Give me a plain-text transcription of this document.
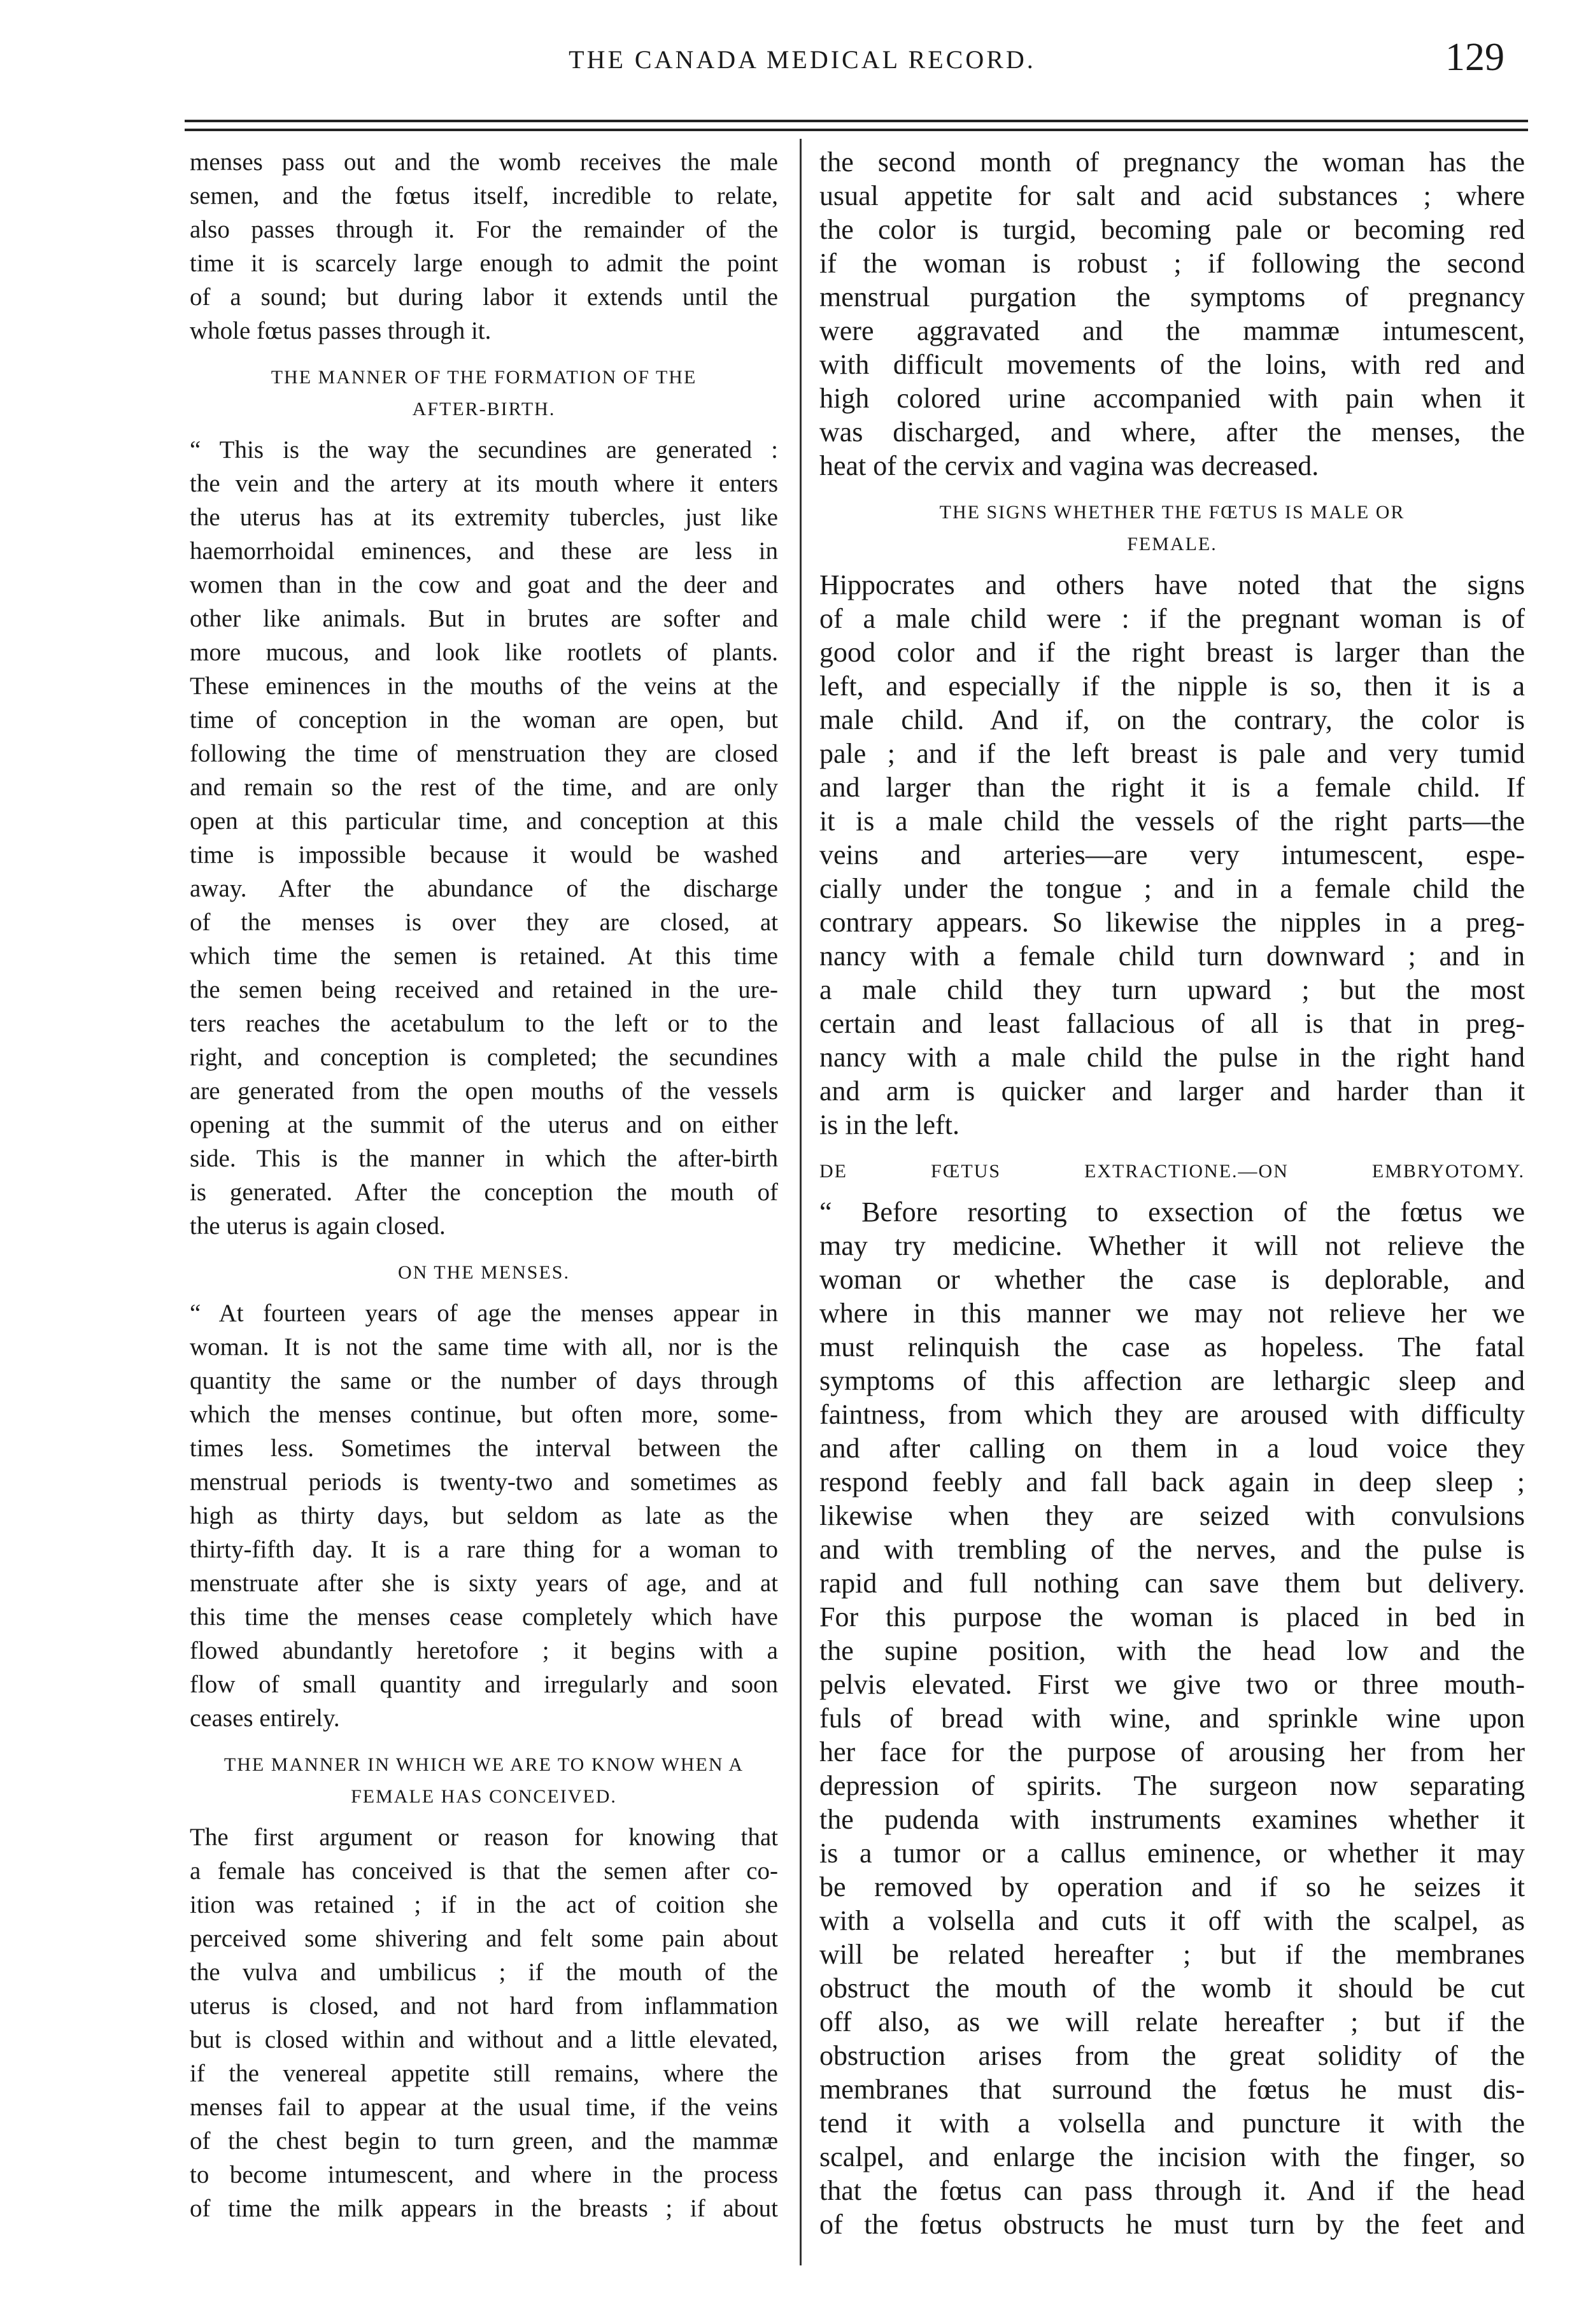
THE CANADA MEDICAL RECORD.	129
menses pass out and the womb receives the male
semen, and the fœtus itself, incredible to relate,
also passes through it. For the remainder of the
time it is scarcely large enough to admit the point
of a sound; but during labor it extends until the
whole fœtus passes through it.
THE MANNER OF THE FORMATION OF THE
AFTER-BIRTH.
“ This is the way the secundines are generated :
the vein and the artery at its mouth where it enters
the uterus has at its extremity tubercles, just like
haemorrhoidal eminences, and these are less in
women than in the cow and goat and the deer and
other like animals. But in brutes are softer and
more mucous, and look like rootlets of plants.
These eminences in the mouths of the veins at the
time of conception in the woman are open, but
following the time of menstruation they are closed
and remain so the rest of the time, and are only
open at this particular time, and conception at this
time is impossible because it would be washed
away. After the abundance of the discharge
of the menses is over they are closed, at
which time the semen is retained. At this time
the semen being received and retained in the ure-
ters reaches the acetabulum to the left or to the
right, and conception is completed; the secundines
are generated from the open mouths of the vessels
opening at the summit of the uterus and on either
side. This is the manner in which the after-birth
is generated. After the conception the mouth of
the uterus is again closed.
ON THE MENSES.
“ At fourteen years of age the menses appear in
woman. It is not the same time with all, nor is the
quantity the same or the number of days through
which the menses continue, but often more, some-
times less. Sometimes the interval between the
menstrual periods is twenty-two and sometimes as
high as thirty days, but seldom as late as the
thirty-fifth day. It is a rare thing for a woman to
menstruate after she is sixty years of age, and at
this time the menses cease completely which have
flowed abundantly heretofore ; it begins with a
flow of small quantity and irregularly and soon
ceases entirely.
THE MANNER IN WHICH WE ARE TO KNOW WHEN A
FEMALE HAS CONCEIVED.
The first argument or reason for knowing that
a female has conceived is that the semen after co-
ition was retained ; if in the act of coition she
perceived some shivering and felt some pain about
the vulva and umbilicus ; if the mouth of the
uterus is closed, and not hard from inflammation
but is closed within and without and a little elevated,
if the venereal appetite still remains, where the
menses fail to appear at the usual time, if the veins
of the chest begin to turn green, and the mammæ
to become intumescent, and where in the process
of time the milk appears in the breasts ; if about
the second month of pregnancy the woman has the
usual appetite for salt and acid substances ; where
the color is turgid, becoming pale or becoming red
if the woman is robust ; if following the second
menstrual purgation the symptoms of pregnancy
were aggravated and the mammæ intumescent,
with difficult movements of the loins, with red and
high colored urine accompanied with pain when it
was discharged, and where, after the menses, the
heat of the cervix and vagina was decreased.
THE SIGNS WHETHER THE FŒTUS IS MALE OR
FEMALE.
Hippocrates and others have noted that the signs
of a male child were : if the pregnant woman is of
good color and if the right breast is larger than the
left, and especially if the nipple is so, then it is a
male child. And if, on the contrary, the color is
pale ; and if the left breast is pale and very tumid
and larger than the right it is a female child. If
it is a male child the vessels of the right parts—the
veins and arteries—are very intumescent, espe-
cially under the tongue ; and in a female child the
contrary appears. So likewise the nipples in a preg-
nancy with a female child turn downward ; and in
a male child they turn upward ; but the most
certain and least fallacious of all is that in preg-
nancy with a male child the pulse in the right hand
and arm is quicker and larger and harder than it
is in the left.
DE FŒTUS EXTRACTIONE.—ON EMBRYOTOMY.
“ Before resorting to exsection of the fœtus we
may try medicine. Whether it will not relieve the
woman or whether the case is deplorable, and
where in this manner we may not relieve her we
must relinquish the case as hopeless. The fatal
symptoms of this affection are lethargic sleep and
faintness, from which they are aroused with difficulty
and after calling on them in a loud voice they
respond feebly and fall back again in deep sleep ;
likewise when they are seized with convulsions
and with trembling of the nerves, and the pulse is
rapid and full nothing can save them but delivery.
For this purpose the woman is placed in bed in
the supine position, with the head low and the
pelvis elevated. First we give two or three mouth-
fuls of bread with wine, and sprinkle wine upon
her face for the purpose of arousing her from her
depression of spirits. The surgeon now separating
the pudenda with instruments examines whether it
is a tumor or a callus eminence, or whether it may
be removed by operation and if so he seizes it
with a volsella and cuts it off with the scalpel, as
will be related hereafter ; but if the membranes
obstruct the mouth of the womb it should be cut
off also, as we will relate hereafter ; but if the
obstruction arises from the great solidity of the
membranes that surround the fœtus he must dis-
tend it with a volsella and puncture it with the
scalpel, and enlarge the incision with the finger, so
that the fœtus can pass through it. And if the head
of the fœtus obstructs he must turn by the feet and
